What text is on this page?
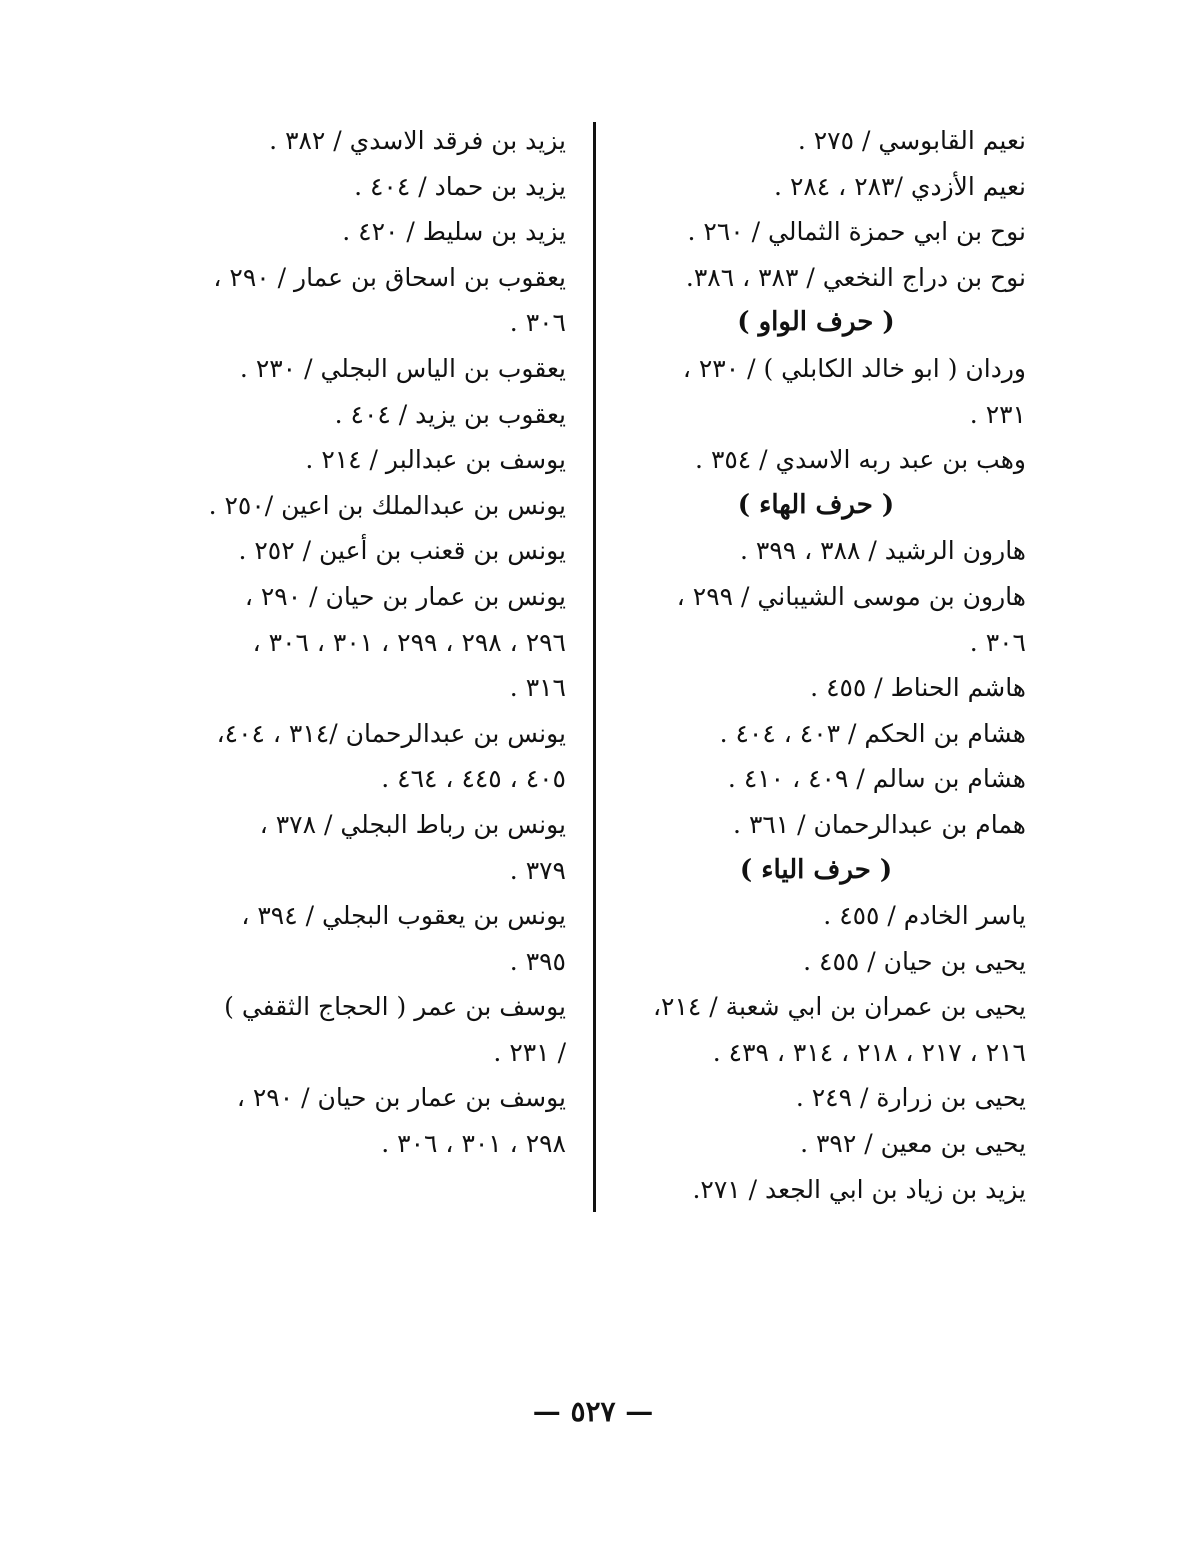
نعيم القابوسي / ٢٧٥ .
نعيم الأزدي /٢٨٣ ، ٢٨٤ .
نوح بن ابي حمزة الثمالي / ٢٦٠ .
نوح بن دراج النخعي / ٣٨٣ ، ٣٨٦.
( حرف الواو )
وردان ( ابو خالد الكابلي ) / ٢٣٠ ،
٢٣١ .
وهب بن عبد ربه الاسدي / ٣٥٤ .
( حرف الهاء )
هارون الرشيد / ٣٨٨ ، ٣٩٩ .
هارون بن موسى الشيباني / ٢٩٩ ،
٣٠٦ .
هاشم الحناط / ٤٥٥ .
هشام بن الحكم / ٤٠٣ ، ٤٠٤ .
هشام بن سالم / ٤٠٩ ، ٤١٠ .
همام بن عبدالرحمان / ٣٦١ .
( حرف الياء )
ياسر الخادم / ٤٥٥ .
يحيى بن حيان / ٤٥٥ .
يحيى بن عمران بن ابي شعبة / ٢١٤،
٢١٦ ، ٢١٧ ، ٢١٨ ، ٣١٤ ، ٤٣٩ .
يحيى بن زرارة / ٢٤٩ .
يحيى بن معين / ٣٩٢ .
يزيد بن زياد بن ابي الجعد / ٢٧١.
يزيد بن فرقد الاسدي / ٣٨٢ .
يزيد بن حماد / ٤٠٤ .
يزيد بن سليط / ٤٢٠ .
يعقوب بن اسحاق بن عمار / ٢٩٠ ،
٣٠٦ .
يعقوب بن الياس البجلي / ٢٣٠ .
يعقوب بن يزيد / ٤٠٤ .
يوسف بن عبدالبر / ٢١٤ .
يونس بن عبدالملك بن اعين /٢٥٠ .
يونس بن قعنب بن أعين / ٢٥٢ .
يونس بن عمار بن حيان / ٢٩٠ ،
٢٩٦ ، ٢٩٨ ، ٢٩٩ ، ٣٠١ ، ٣٠٦ ،
٣١٦ .
يونس بن عبدالرحمان /٣١٤ ، ٤٠٤،
٤٠٥ ، ٤٤٥ ، ٤٦٤ .
يونس بن رباط البجلي / ٣٧٨ ،
٣٧٩ .
يونس بن يعقوب البجلي / ٣٩٤ ،
٣٩٥ .
يوسف بن عمر ( الحجاج الثقفي )
/ ٢٣١ .
يوسف بن عمار بن حيان / ٢٩٠ ،
٢٩٨ ، ٣٠١ ، ٣٠٦ .
— ٥٢٧ —
